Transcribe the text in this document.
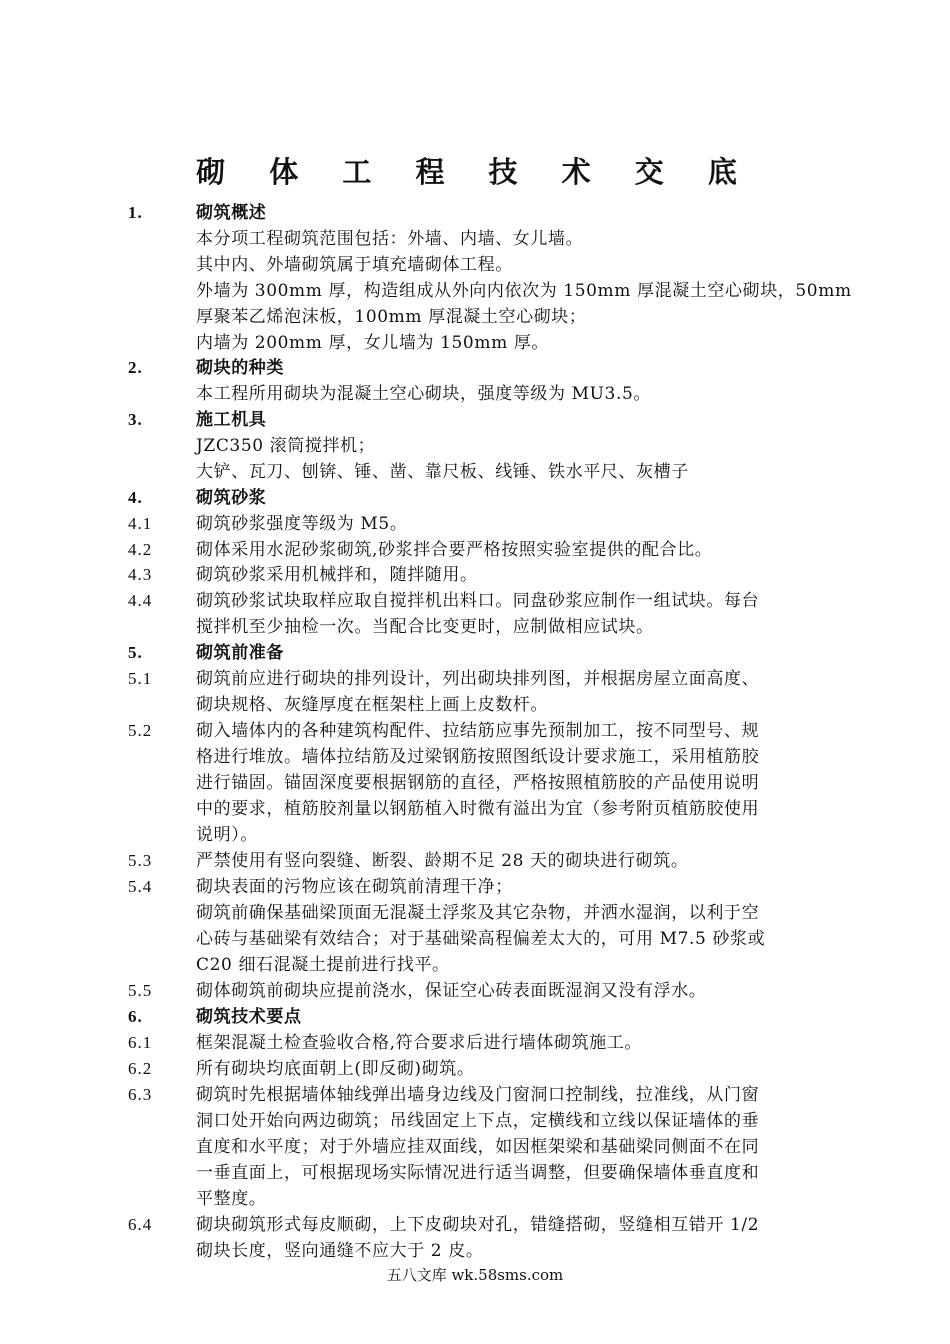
砌 体 工 程 技 术 交 底
1.	砌筑概述
本分项工程砌筑范围包括：外墙、内墙、女儿墙。
其中内、外墙砌筑属于填充墙砌体工程。
外墙为 300mm 厚，构造组成从外向内依次为 150mm 厚混凝土空心砌块，50mm
厚聚苯乙烯泡沫板，100mm 厚混凝土空心砌块；
内墙为 200mm 厚，女儿墙为 150mm 厚。
2.	砌块的种类
本工程所用砌块为混凝土空心砌块，强度等级为 MU3.5。
3.	施工机具
JZC350 滚筒搅拌机；
大铲、瓦刀、刨锛、锤、凿、靠尺板、线锤、铁水平尺、灰槽子
4.	砌筑砂浆
4.1	砌筑砂浆强度等级为 M5。
4.2	砌体采用水泥砂浆砌筑,砂浆拌合要严格按照实验室提供的配合比。
4.3	砌筑砂浆采用机械拌和，随拌随用。
4.4	砌筑砂浆试块取样应取自搅拌机出料口。同盘砂浆应制作一组试块。每台
搅拌机至少抽检一次。当配合比变更时，应制做相应试块。
5.	砌筑前准备
5.1	砌筑前应进行砌块的排列设计，列出砌块排列图，并根据房屋立面高度、
砌块规格、灰缝厚度在框架柱上画上皮数杆。
5.2	砌入墙体内的各种建筑构配件、拉结筋应事先预制加工，按不同型号、规
格进行堆放。墙体拉结筋及过梁钢筋按照图纸设计要求施工，采用植筋胶
进行锚固。锚固深度要根据钢筋的直径，严格按照植筋胶的产品使用说明
中的要求，植筋胶剂量以钢筋植入时微有溢出为宜（参考附页植筋胶使用
说明）。
5.3	严禁使用有竖向裂缝、断裂、龄期不足 28 天的砌块进行砌筑。
5.4	砌块表面的污物应该在砌筑前清理干净；
砌筑前确保基础梁顶面无混凝土浮浆及其它杂物，并洒水湿润，以利于空
心砖与基础梁有效结合；对于基础梁高程偏差太大的，可用 M7.5 砂浆或
C20 细石混凝土提前进行找平。
5.5	砌体砌筑前砌块应提前浇水，保证空心砖表面既湿润又没有浮水。
6.	砌筑技术要点
6.1	框架混凝土检查验收合格,符合要求后进行墙体砌筑施工。
6.2	所有砌块均底面朝上(即反砌)砌筑。
6.3	砌筑时先根据墙体轴线弹出墙身边线及门窗洞口控制线，拉准线，从门窗
洞口处开始向两边砌筑；吊线固定上下点，定横线和立线以保证墙体的垂
直度和水平度；对于外墙应挂双面线，如因框架梁和基础梁同侧面不在同
一垂直面上，可根据现场实际情况进行适当调整，但要确保墙体垂直度和
平整度。
6.4	砌块砌筑形式每皮顺砌，上下皮砌块对孔，错缝搭砌，竖缝相互错开 1/2
砌块长度，竖向通缝不应大于 2 皮。
五八文库 wk.58sms.com
